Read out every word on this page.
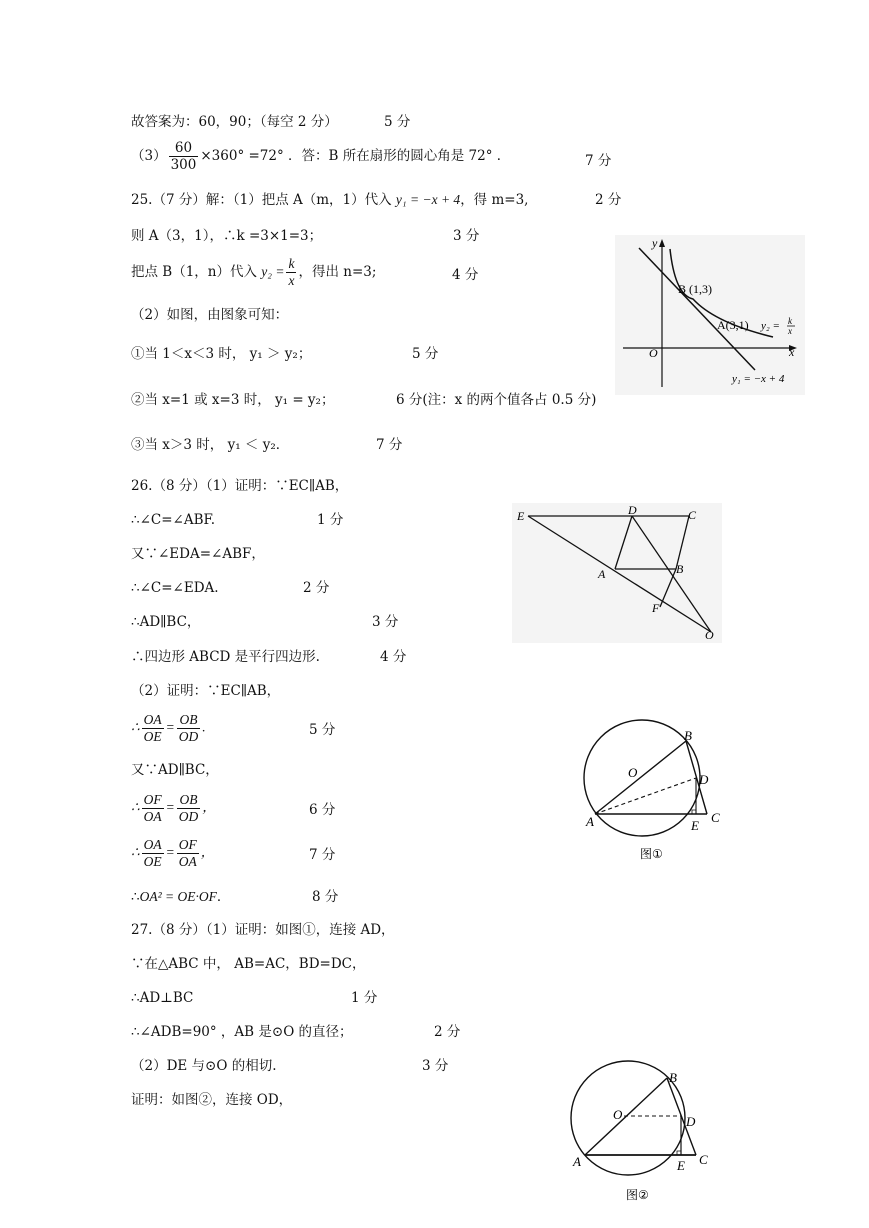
故答案为：60，90；（每空 2 分）	5 分
$(3) \frac{60}{300} \times 360^\circ =72^\circ$ ．答：B 所在扇形的圆心角是 72° ．	7 分
25.（7 分）解：（1）把点 A（m，1）代入 y₁ = −x + 4，得 m=3,	2 分
则 A（3，1），∴k =3×1=3；	3 分
把点 B（1，n）代入 $y_2 = \frac{k}{x}$ ，得出 n=3;	4 分
（2）如图，由图象可知：
①当 1＜x＜3 时， y₁ ＞ y₂；	5 分
②当 x=1 或 x=3 时， y₁ = y₂；	6 分(注：x 的两个值各占 0.5 分)
③当 x＞3 时， y₁ ＜ y₂．	7 分
26.（8 分）（1）证明：∵EC∥AB，
∴∠C=∠ABF.	1 分
又∵∠EDA=∠ABF，
∴∠C=∠EDA.	2 分
∴AD∥BC，	3 分
∴四边形 ABCD 是平行四边形.	4 分
（2）证明：∵EC∥AB，
∴ $\frac{OA}{OE} = \frac{OB}{OD}$ .	5 分
又∵AD∥BC，
∴ $\frac{OF}{OA} = \frac{OB}{OD}$ ，	6 分
∴ $\frac{OA}{OE} = \frac{OF}{OA}$ ，	7 分
∴OA² = OE·OF．	8 分
27.（8 分）（1）证明：如图①，连接 AD，
∵在△ABC 中， AB=AC，BD=DC，
∴AD⊥BC	1 分
∴∠ADB=90° ，AB 是⊙O 的直径；	2 分
（2）DE 与⊙O 的相切.	3 分
证明：如图②，连接 OD，
y
x
O
B (1,3)
A(3,1) y₂ = k
x
y₁ = −x + 4
E	D	C
A	B
F
O
B
O	D
A	E
C
图①
B
O	D
A	E C
图②
